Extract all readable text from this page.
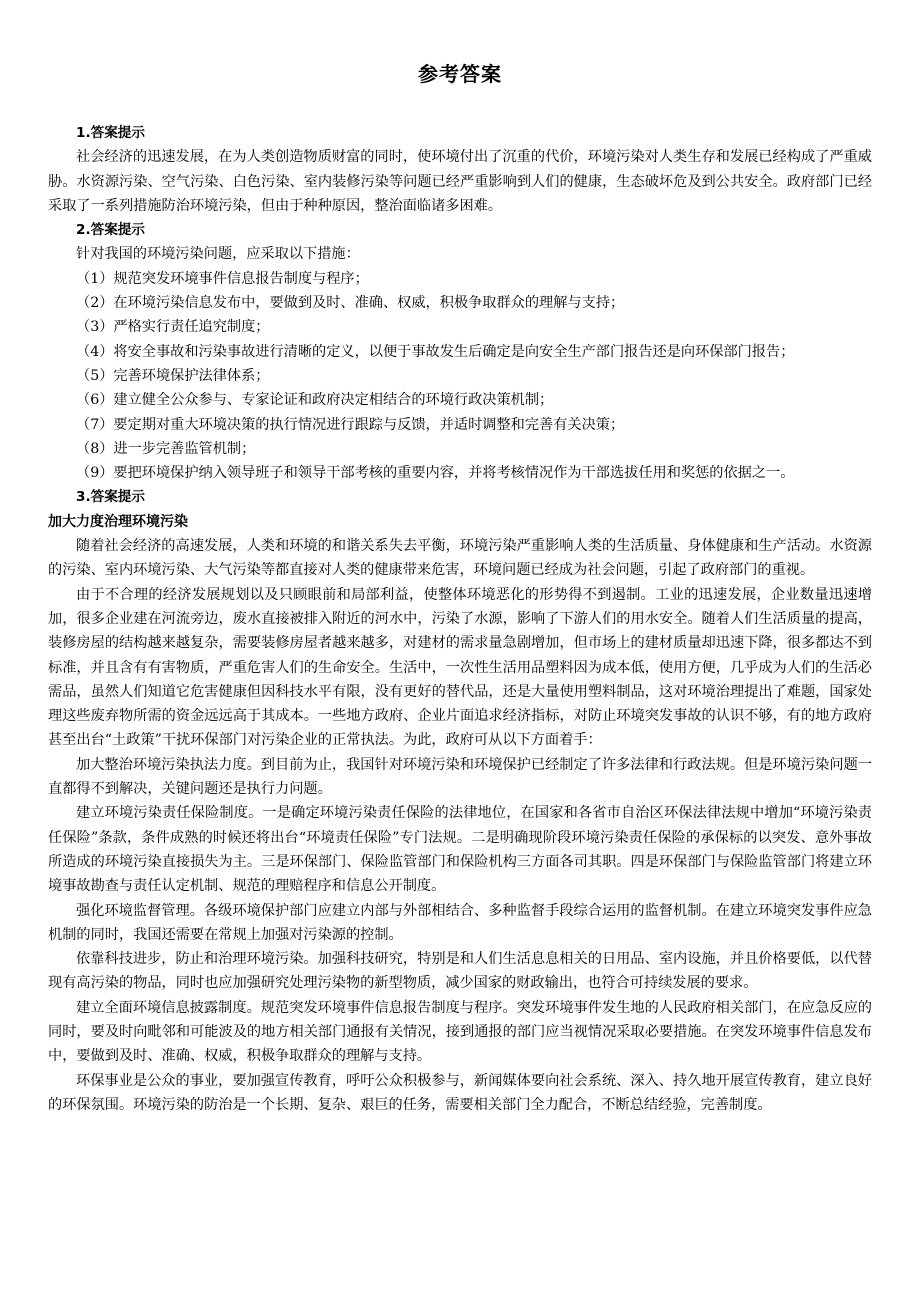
参考答案

1.答案提示

社会经济的迅速发展，在为人类创造物质财富的同时，使环境付出了沉重的代价，环境污染对人类生存和发展已经构成了严重威胁。水资源污染、空气污染、白色污染、室内装修污染等问题已经严重影响到人们的健康，生态破坏危及到公共安全。政府部门已经采取了一系列措施防治环境污染，但由于种种原因，整治面临诸多困难。

2.答案提示

针对我国的环境污染问题，应采取以下措施：

（1）规范突发环境事件信息报告制度与程序；

（2）在环境污染信息发布中，要做到及时、准确、权威，积极争取群众的理解与支持；

（3）严格实行责任追究制度；

（4）将安全事故和污染事故进行清晰的定义，以便于事故发生后确定是向安全生产部门报告还是向环保部门报告；

（5）完善环境保护法律体系；

（6）建立健全公众参与、专家论证和政府决定相结合的环境行政决策机制；

（7）要定期对重大环境决策的执行情况进行跟踪与反馈，并适时调整和完善有关决策；

（8）进一步完善监管机制；

（9）要把环境保护纳入领导班子和领导干部考核的重要内容，并将考核情况作为干部选拔任用和奖惩的依据之一。

3.答案提示

加大力度治理环境污染

随着社会经济的高速发展，人类和环境的和谐关系失去平衡，环境污染严重影响人类的生活质量、身体健康和生产活动。水资源的污染、室内环境污染、大气污染等都直接对人类的健康带来危害，环境问题已经成为社会问题，引起了政府部门的重视。

由于不合理的经济发展规划以及只顾眼前和局部利益，使整体环境恶化的形势得不到遏制。工业的迅速发展，企业数量迅速增加，很多企业建在河流旁边，废水直接被排入附近的河水中，污染了水源，影响了下游人们的用水安全。随着人们生活质量的提高，装修房屋的结构越来越复杂，需要装修房屋者越来越多，对建材的需求量急剧增加，但市场上的建材质量却迅速下降，很多都达不到标准，并且含有有害物质，严重危害人们的生命安全。生活中，一次性生活用品塑料因为成本低，使用方便，几乎成为人们的生活必需品，虽然人们知道它危害健康但因科技水平有限，没有更好的替代品，还是大量使用塑料制品，这对环境治理提出了难题，国家处理这些废弃物所需的资金远远高于其成本。一些地方政府、企业片面追求经济指标，对防止环境突发事故的认识不够，有的地方政府甚至出台“土政策”干扰环保部门对污染企业的正常执法。为此，政府可从以下方面着手：

加大整治环境污染执法力度。到目前为止，我国针对环境污染和环境保护已经制定了许多法律和行政法规。但是环境污染问题一直都得不到解决，关键问题还是执行力问题。

建立环境污染责任保险制度。一是确定环境污染责任保险的法律地位，在国家和各省市自治区环保法律法规中增加“环境污染责任保险”条款，条件成熟的时候还将出台“环境责任保险”专门法规。二是明确现阶段环境污染责任保险的承保标的以突发、意外事故所造成的环境污染直接损失为主。三是环保部门、保险监管部门和保险机构三方面各司其职。四是环保部门与保险监管部门将建立环境事故勘查与责任认定机制、规范的理赔程序和信息公开制度。

强化环境监督管理。各级环境保护部门应建立内部与外部相结合、多种监督手段综合运用的监督机制。在建立环境突发事件应急机制的同时，我国还需要在常规上加强对污染源的控制。

依靠科技进步，防止和治理环境污染。加强科技研究，特别是和人们生活息息相关的日用品、室内设施，并且价格要低，以代替现有高污染的物品，同时也应加强研究处理污染物的新型物质，减少国家的财政输出，也符合可持续发展的要求。

建立全面环境信息披露制度。规范突发环境事件信息报告制度与程序。突发环境事件发生地的人民政府相关部门，在应急反应的同时，要及时向毗邻和可能波及的地方相关部门通报有关情况，接到通报的部门应当视情况采取必要措施。在突发环境事件信息发布中，要做到及时、准确、权威，积极争取群众的理解与支持。

环保事业是公众的事业，要加强宣传教育，呼吁公众积极参与，新闻媒体要向社会系统、深入、持久地开展宣传教育，建立良好的环保氛围。环境污染的防治是一个长期、复杂、艰巨的任务，需要相关部门全力配合，不断总结经验，完善制度。
